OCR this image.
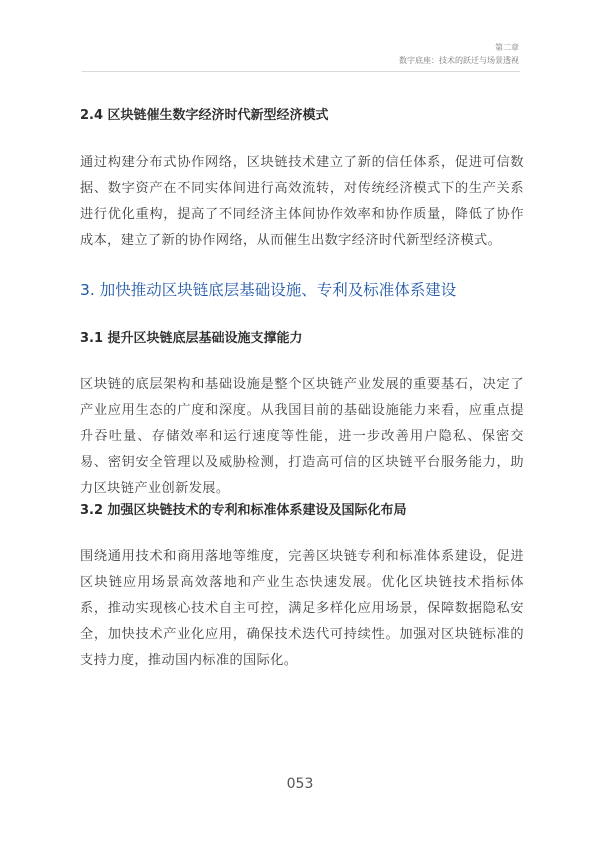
第二章
数字底座：技术的跃迁与场景透视
2.4 区块链催生数字经济时代新型经济模式

通过构建分布式协作网络，区块链技术建立了新的信任体系，促进可信数据、数字资产在不同实体间进行高效流转，对传统经济模式下的生产关系进行优化重构，提高了不同经济主体间协作效率和协作质量，降低了协作成本，建立了新的协作网络，从而催生出数字经济时代新型经济模式。

3. 加快推动区块链底层基础设施、专利及标准体系建设
3.1 提升区块链底层基础设施支撑能力

区块链的底层架构和基础设施是整个区块链产业发展的重要基石，决定了产业应用生态的广度和深度。从我国目前的基础设施能力来看，应重点提升吞吐量、存储效率和运行速度等性能，进一步改善用户隐私、保密交易、密钥安全管理以及威胁检测，打造高可信的区块链平台服务能力，助力区块链产业创新发展。

3.2 加强区块链技术的专利和标准体系建设及国际化布局

围绕通用技术和商用落地等维度，完善区块链专利和标准体系建设，促进区块链应用场景高效落地和产业生态快速发展。优化区块链技术指标体系，推动实现核心技术自主可控，满足多样化应用场景，保障数据隐私安全，加快技术产业化应用，确保技术迭代可持续性。加强对区块链标准的支持力度，推动国内标准的国际化。

053
